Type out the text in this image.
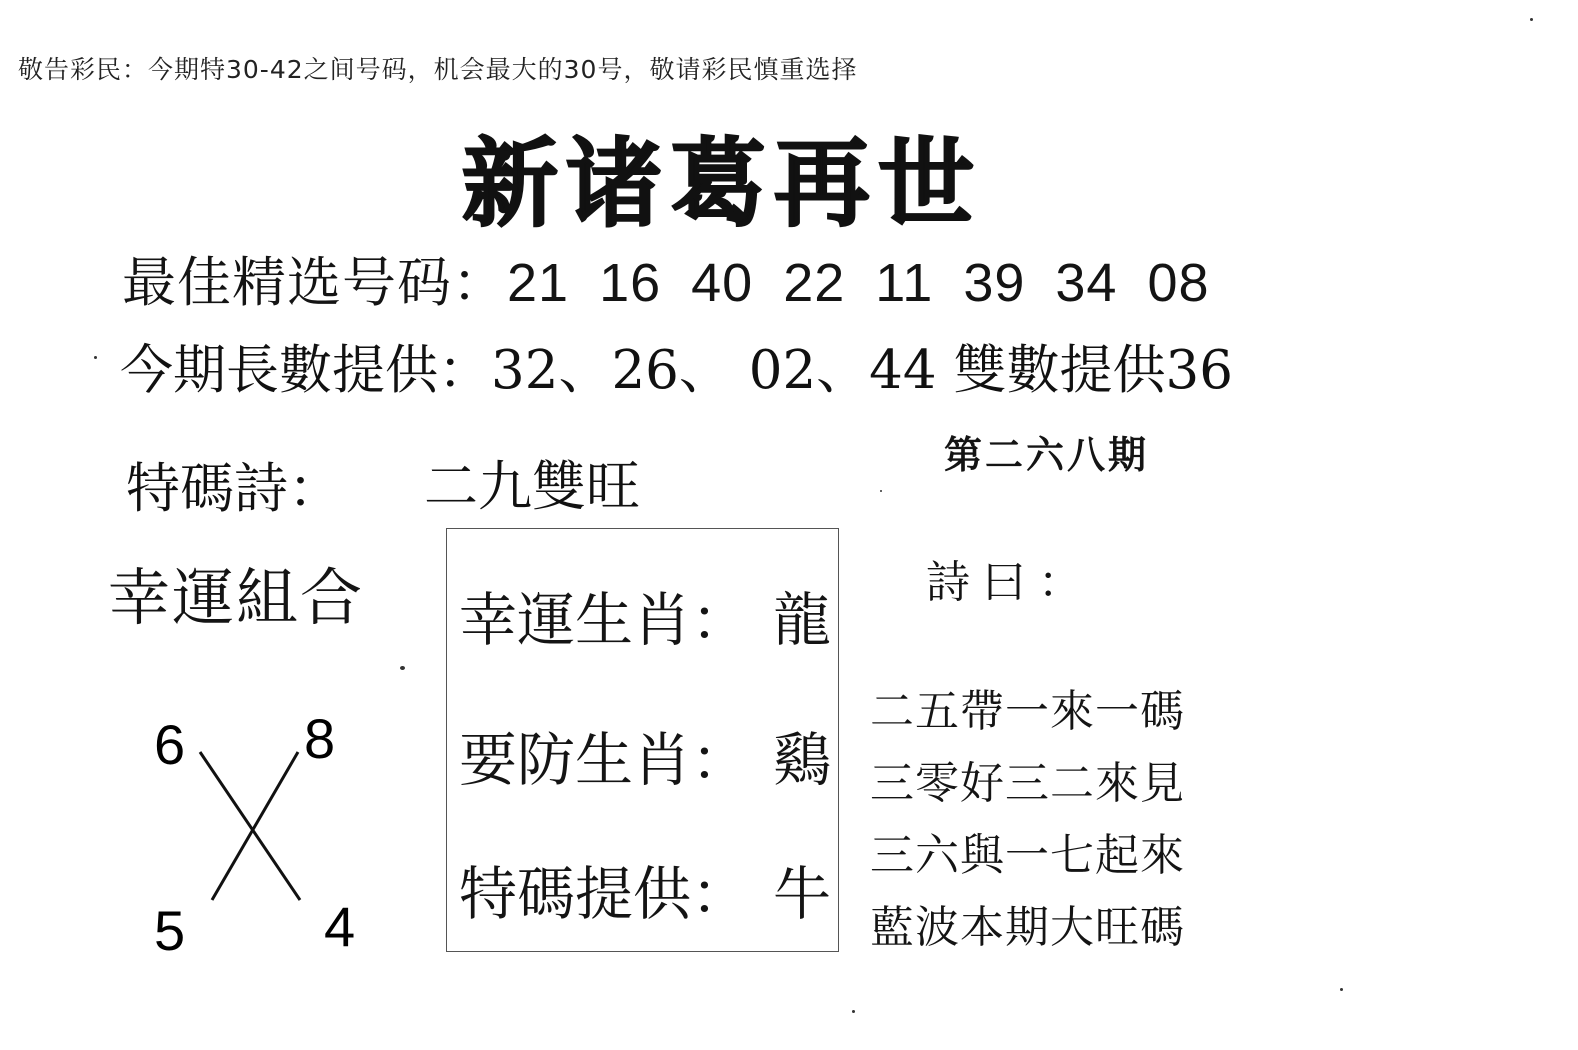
敬告彩民：今期特30-42之间号码，机会最大的30号，敬请彩民慎重选择
新诸葛再世
最佳精选号码：21 16 40 22 11 39 34 08
今期長數提供：32、26、 02、44 雙數提供36
第二六八期
特碼詩： 二九雙旺
幸運組合	詩曰：
幸運生肖： 龍
要防生肖： 鷄
特碼提供： 牛
二五帶一來一碼
三零好三二來見
三六與一七起來
藍波本期大旺碼
6 8
5 4
